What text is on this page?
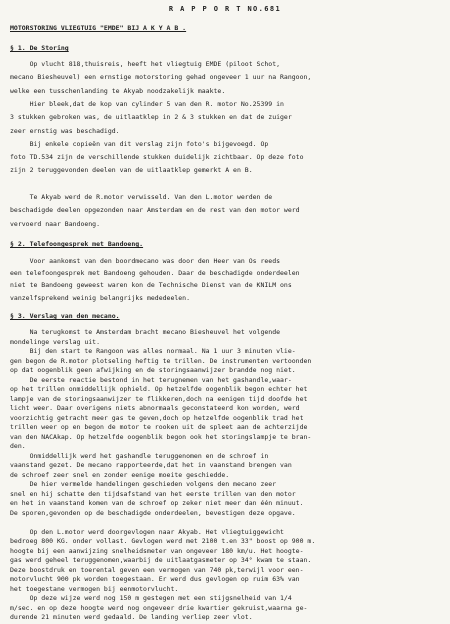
R A P P O R T NO.681
MOTORSTORING VLIEGTUIG "EMDE" BIJ A K Y A B .
§ 1. De Storing
Op vlucht 818,thuisreis, heeft het vliegtuig EMDE (piloot Schot,
mecano Biesheuvel) een ernstige motorstoring gehad ongeveer 1 uur na Rangoon,
welke een tusschenlanding te Akyab noodzakelijk maakte.
Hier bleek,dat de kop van cylinder 5 van den R. motor No.25399 in
3 stukken gebroken was, de uitlaatklep in 2 & 3 stukken en dat de zuiger
zeer ernstig was beschadigd.
Bij enkele copieën van dit verslag zijn foto's bijgevoegd. Op
foto TD.534 zijn de verschillende stukken duidelijk zichtbaar. Op deze foto
zijn 2 teruggevonden deelen van de uitlaatklep gemerkt A en B.
Te Akyab werd de R.motor verwisseld. Van den L.motor werden de
beschadigde deelen opgezonden naar Amsterdam en de rest van den motor werd
vervoerd naar Bandoeng.
§ 2. Telefoongesprek met Bandoeng.
Voor aankomst van den boordmecano was door den Heer van Os reeds
een telefoongesprek met Bandoeng gehouden. Daar de beschadigde onderdeelen
niet te Bandoeng geweest waren kon de Technische Dienst van de KNILM ons
vanzelfsprekend weinig belangrijks mededeelen.
§ 3. Verslag van den mecano.
Na terugkomst te Amsterdam bracht mecano Biesheuvel het volgende
mondelinge verslag uit.
Bij den start te Rangoon was alles normaal. Na 1 uur 3 minuten vlie-
gen begon de R.motor plotseling heftig te trillen. De instrumenten vertoonden
op dat oogenblik geen afwijking en de storingsaanwijzer brandde nog niet.
De eerste reactie bestond in het terugnemen van het gashandle,waar-
op het trillen onmiddellijk ophield. Op hetzelfde oogenblik begon echter het
lampje van de storingsaanwijzer te flikkeren,doch na eenigen tijd doofde het
licht weer. Daar overigens niets abnormaals geconstateerd kon worden, werd
voorzichtig getracht meer gas te geven,doch op hetzelfde oogenblik trad het
trillen weer op en begon de motor te rooken uit de spleet aan de achterzijde
van den NACAkap. Op hetzelfde oogenblik begon ook het storingslampje te bran-
den.
Onmiddellijk werd het gashandle teruggenomen en de schroef in
vaanstand gezet. De mecano rapporteerde,dat het in vaanstand brengen van
de schroef zeer snel en zonder eenige moeite geschiedde.
De hier vermelde handelingen geschieden volgens den mecano zeer
snel en hij schatte den tijdsafstand van het eerste trillen van den motor
en het in vaanstand komen van de schroef op zeker niet meer dan één minuut.
De sporen,gevonden op de beschadigde onderdeelen, bevestigen deze opgave.
Op den L.motor werd doorgevlogen naar Akyab. Het vliegtuiggewicht
bedroeg 800 KG. onder vollast. Gevlogen werd met 2100 t.en 33" boost op 900 m.
hoogte bij een aanwijzing snelheidsmeter van ongeveer 180 km/u. Het hoogte-
gas werd geheel teruggenomen,waarbij de uitlaatgasmeter op 34° kwam te staan.
Deze boostdruk en toerental geven een vermogen van 740 pk,terwijl voor een-
motorvlucht 900 pk worden toegestaan. Er werd dus gevlogen op ruim 63% van
het toegestane vermogen bij eenmotorvlucht.
Op deze wijze werd nog 150 m gestegen met een stijgsnelheid van 1/4
m/sec. en op deze hoogte werd nog ongeveer drie kwartier gekruist,waarna ge-
durende 21 minuten werd gedaald. De landing verliep zeer vlot.
